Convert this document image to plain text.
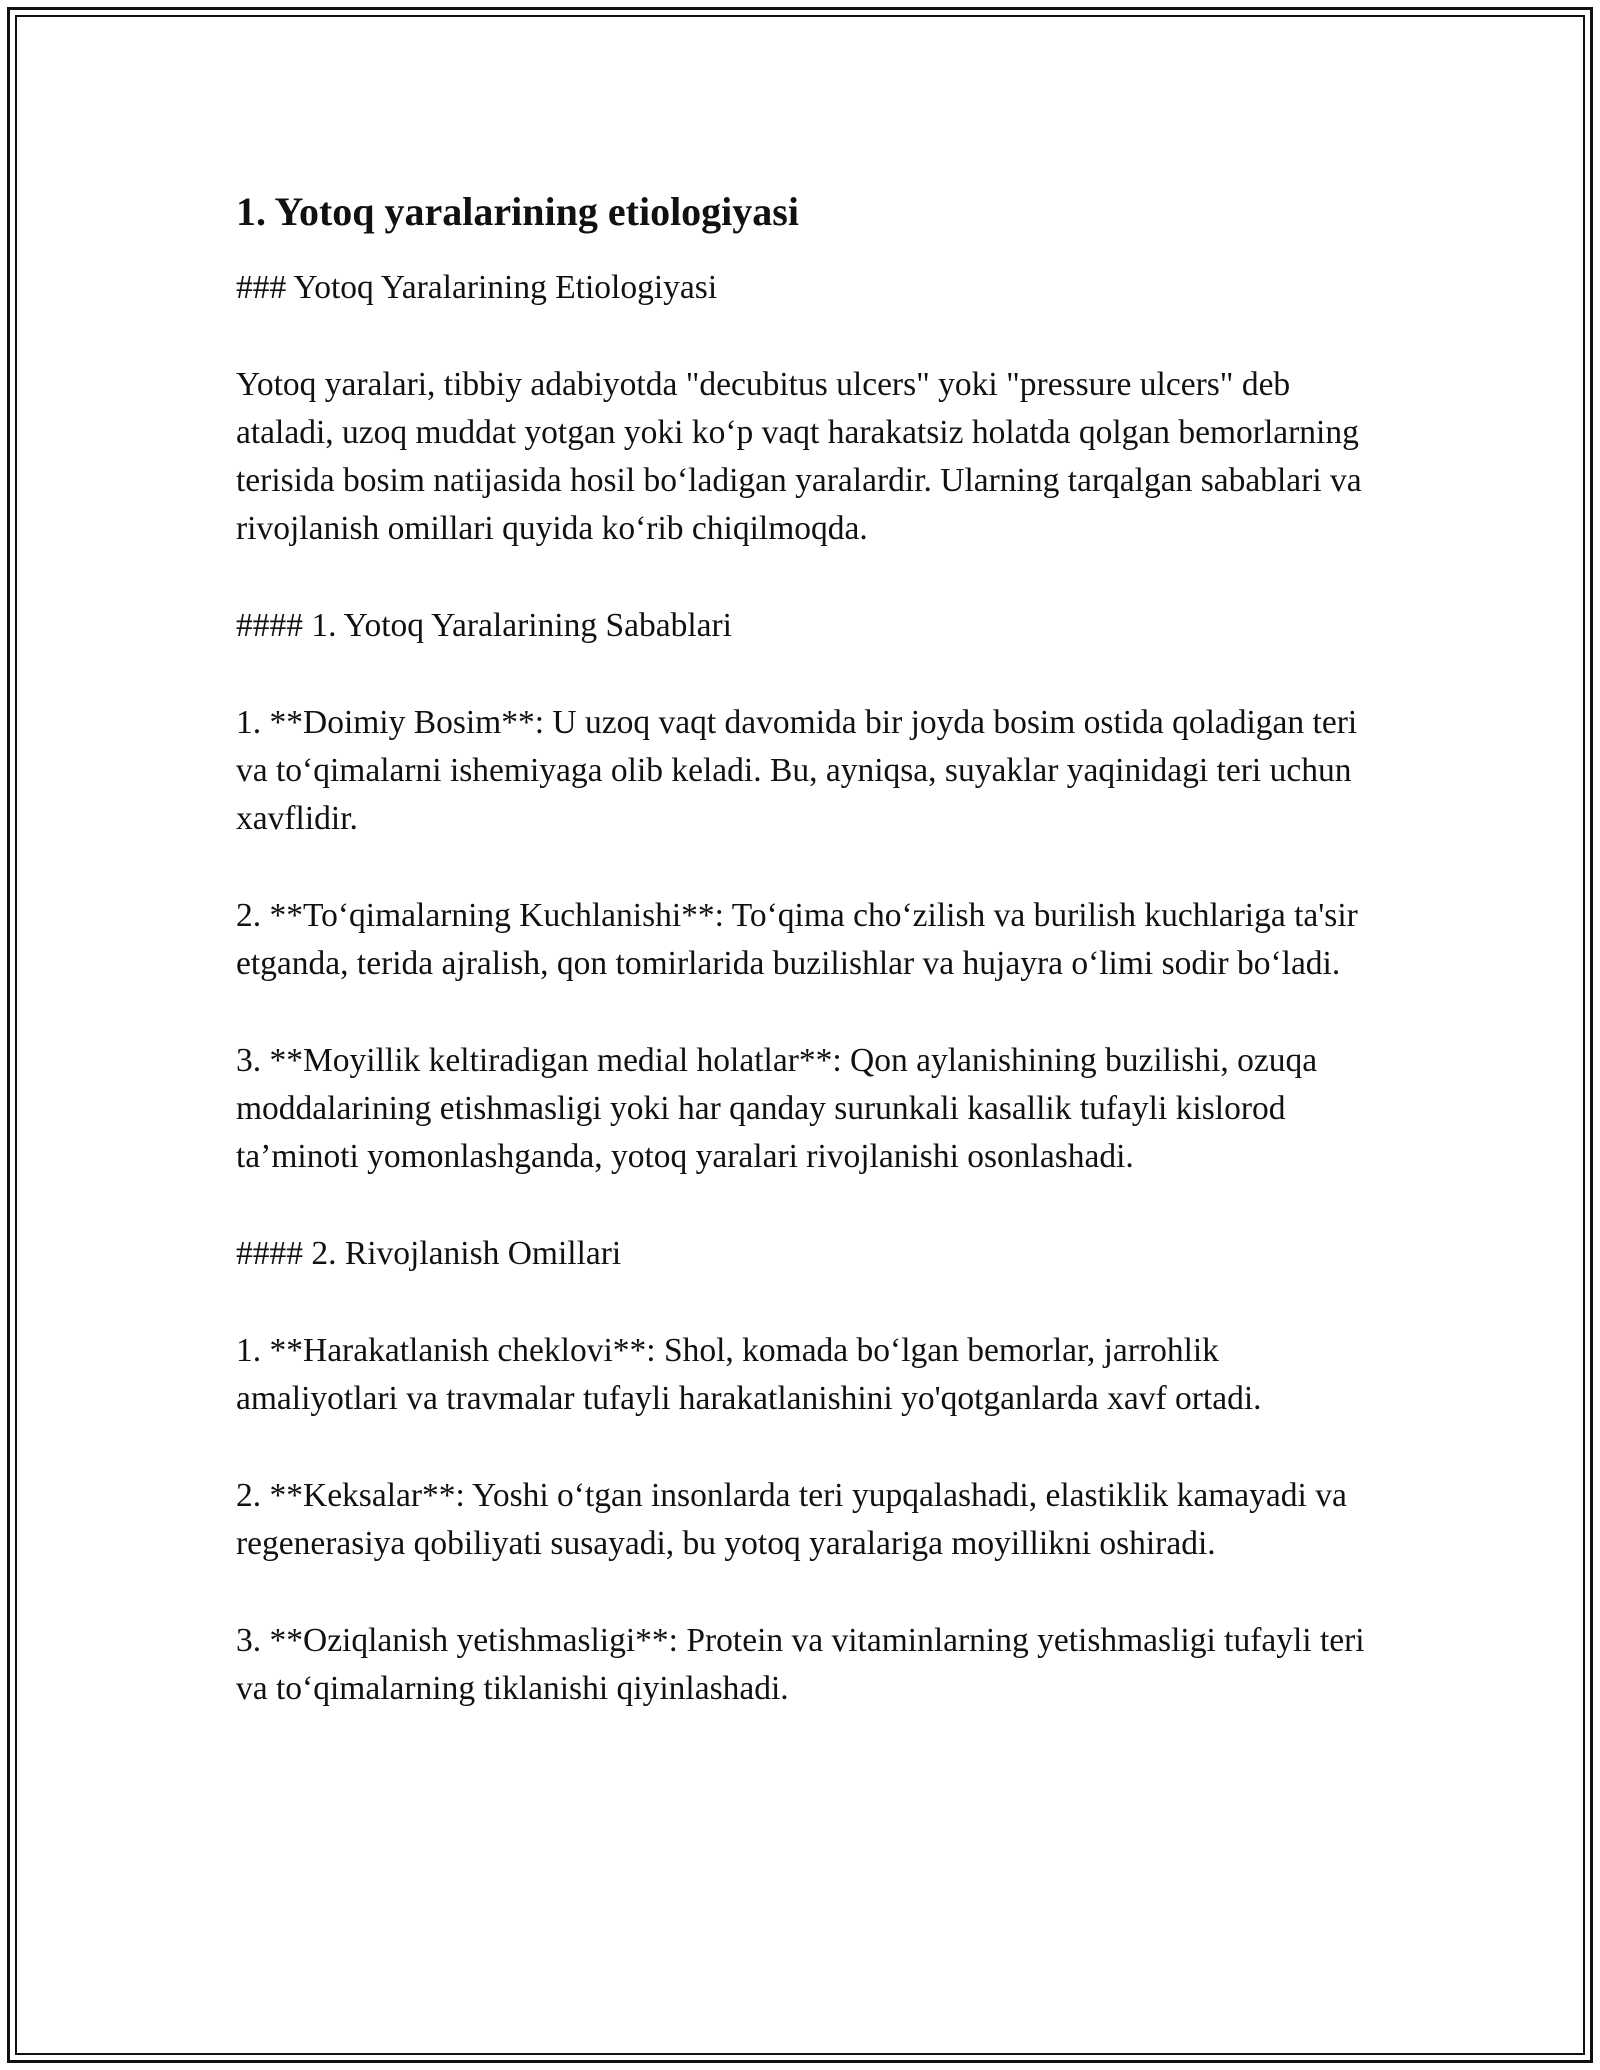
1. Yotoq yaralarining etiologiyasi

### Yotoq Yaralarining Etiologiyasi

Yotoq yaralari, tibbiy adabiyotda "decubitus ulcers" yoki "pressure ulcers" deb ataladi, uzoq muddat yotgan yoki koʻp vaqt harakatsiz holatda qolgan bemorlarning terisida bosim natijasida hosil boʻladigan yaralardir. Ularning tarqalgan sabablari va rivojlanish omillari quyida koʻrib chiqilmoqda.

#### 1. Yotoq Yaralarining Sabablari

1. **Doimiy Bosim**: U uzoq vaqt davomida bir joyda bosim ostida qoladigan teri va toʻqimalarni ishemiyaga olib keladi. Bu, ayniqsa, suyaklar yaqinidagi teri uchun xavflidir.

2. **Toʻqimalarning Kuchlanishi**: Toʻqima choʻzilish va burilish kuchlariga ta'sir etganda, terida ajralish, qon tomirlarida buzilishlar va hujayra oʻlimi sodir boʻladi.

3. **Moyillik keltiradigan medial holatlar**: Qon aylanishining buzilishi, ozuqa moddalarining etishmasligi yoki har qanday surunkali kasallik tufayli kislorod ta’minoti yomonlashganda, yotoq yaralari rivojlanishi osonlashadi.

#### 2. Rivojlanish Omillari

1. **Harakatlanish cheklovi**: Shol, komada boʻlgan bemorlar, jarrohlik amaliyotlari va travmalar tufayli harakatlanishini yo'qotganlarda xavf ortadi.

2. **Keksalar**: Yoshi oʻtgan insonlarda teri yupqalashadi, elastiklik kamayadi va regenerasiya qobiliyati susayadi, bu yotoq yaralariga moyillikni oshiradi.

3. **Oziqlanish yetishmasligi**: Protein va vitaminlarning yetishmasligi tufayli teri va toʻqimalarning tiklanishi qiyinlashadi.
